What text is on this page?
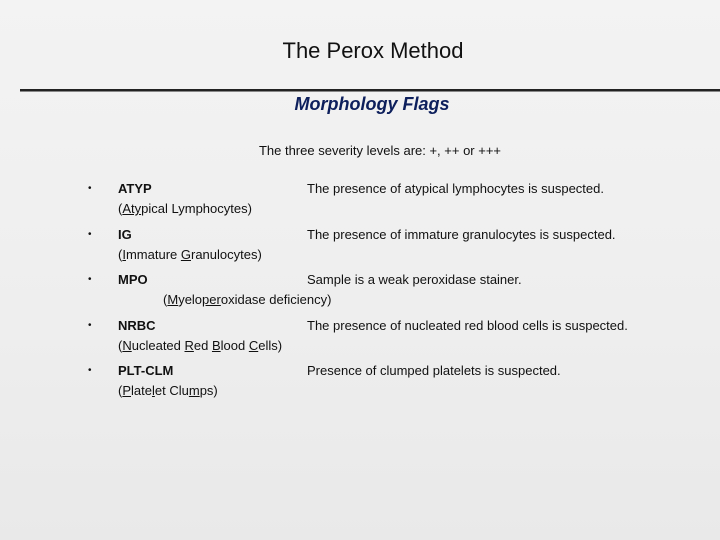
The Perox Method
Morphology Flags
The three severity levels are: +, ++ or +++
• ATYP	The presence of atypical lymphocytes is suspected.
(Atypical Lymphocytes)
• IG	The presence of immature granulocytes is suspected.
(Immature Granulocytes)
• MPO	Sample is a weak peroxidase stainer.
(Myeloperoxidase deficiency)
• NRBC	The presence of nucleated red blood cells is suspected.
(Nucleated Red Blood Cells)
• PLT-CLM	Presence of clumped platelets is suspected.
(Platelet Clumps)
